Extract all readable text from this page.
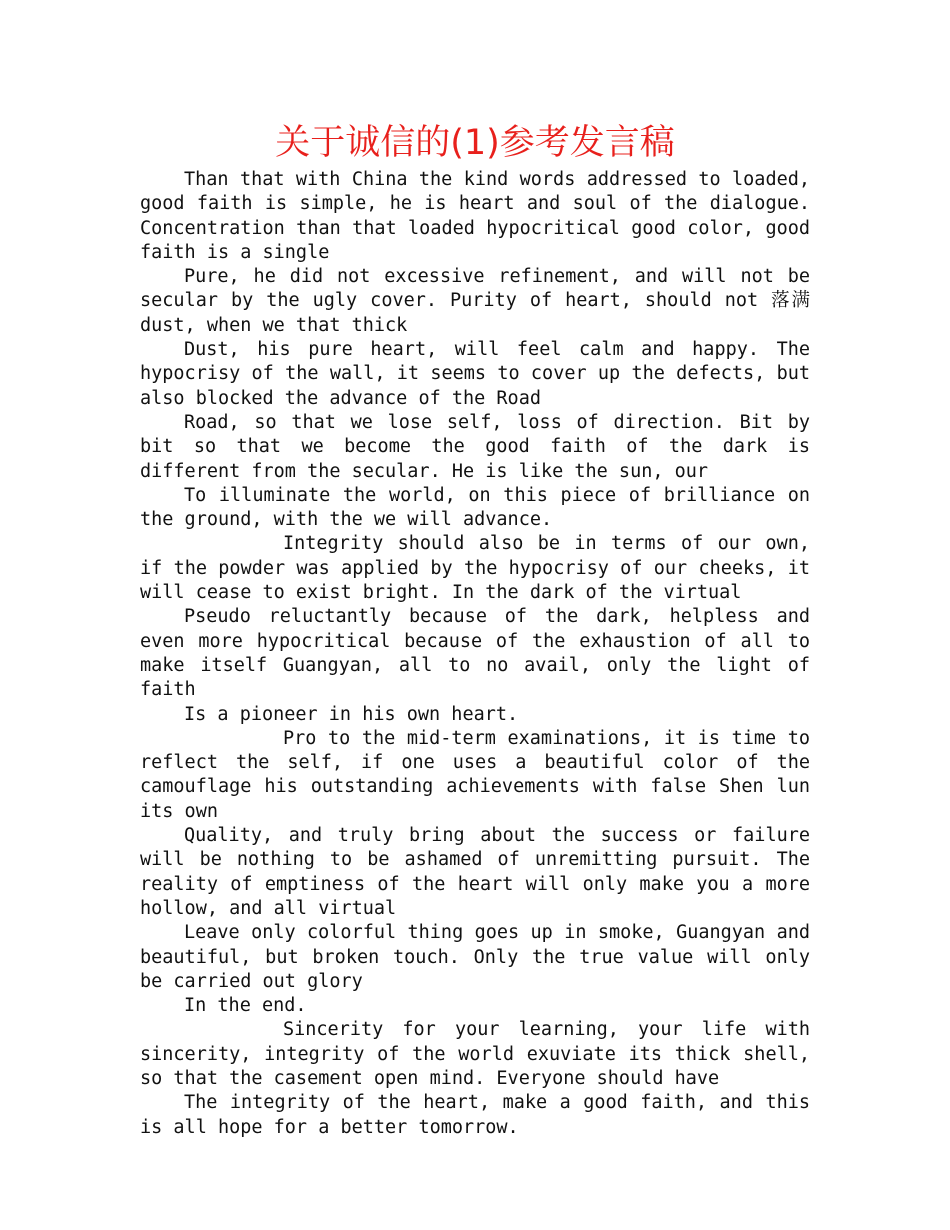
关于诚信的(1)参考发言稿

Than that with China the kind words addressed to loaded, good faith is simple, he is heart and soul of the dialogue. Concentration than that loaded hypocritical good color, good faith is a single

Pure, he did not excessive refinement, and will not be secular by the ugly cover. Purity of heart, should not 落满 dust, when we that thick

Dust, his pure heart, will feel calm and happy. The hypocrisy of the wall, it seems to cover up the defects, but also blocked the advance of the Road

Road, so that we lose self, loss of direction. Bit by bit so that we become the good faith of the dark is different from the secular. He is like the sun, our

To illuminate the world, on this piece of brilliance on the ground, with the we will advance.

Integrity should also be in terms of our own, if the powder was applied by the hypocrisy of our cheeks, it will cease to exist bright. In the dark of the virtual

Pseudo reluctantly because of the dark, helpless and even more hypocritical because of the exhaustion of all to make itself Guangyan, all to no avail, only the light of faith

Is a pioneer in his own heart.

Pro to the mid-term examinations, it is time to reflect the self, if one uses a beautiful color of the camouflage his outstanding achievements with false Shen lun its own

Quality, and truly bring about the success or failure will be nothing to be ashamed of unremitting pursuit. The reality of emptiness of the heart will only make you a more hollow, and all virtual

Leave only colorful thing goes up in smoke, Guangyan and beautiful, but broken touch. Only the true value will only be carried out glory

In the end.

Sincerity for your learning, your life with sincerity, integrity of the world exuviate its thick shell, so that the casement open mind. Everyone should have

The integrity of the heart, make a good faith, and this is all hope for a better tomorrow.
